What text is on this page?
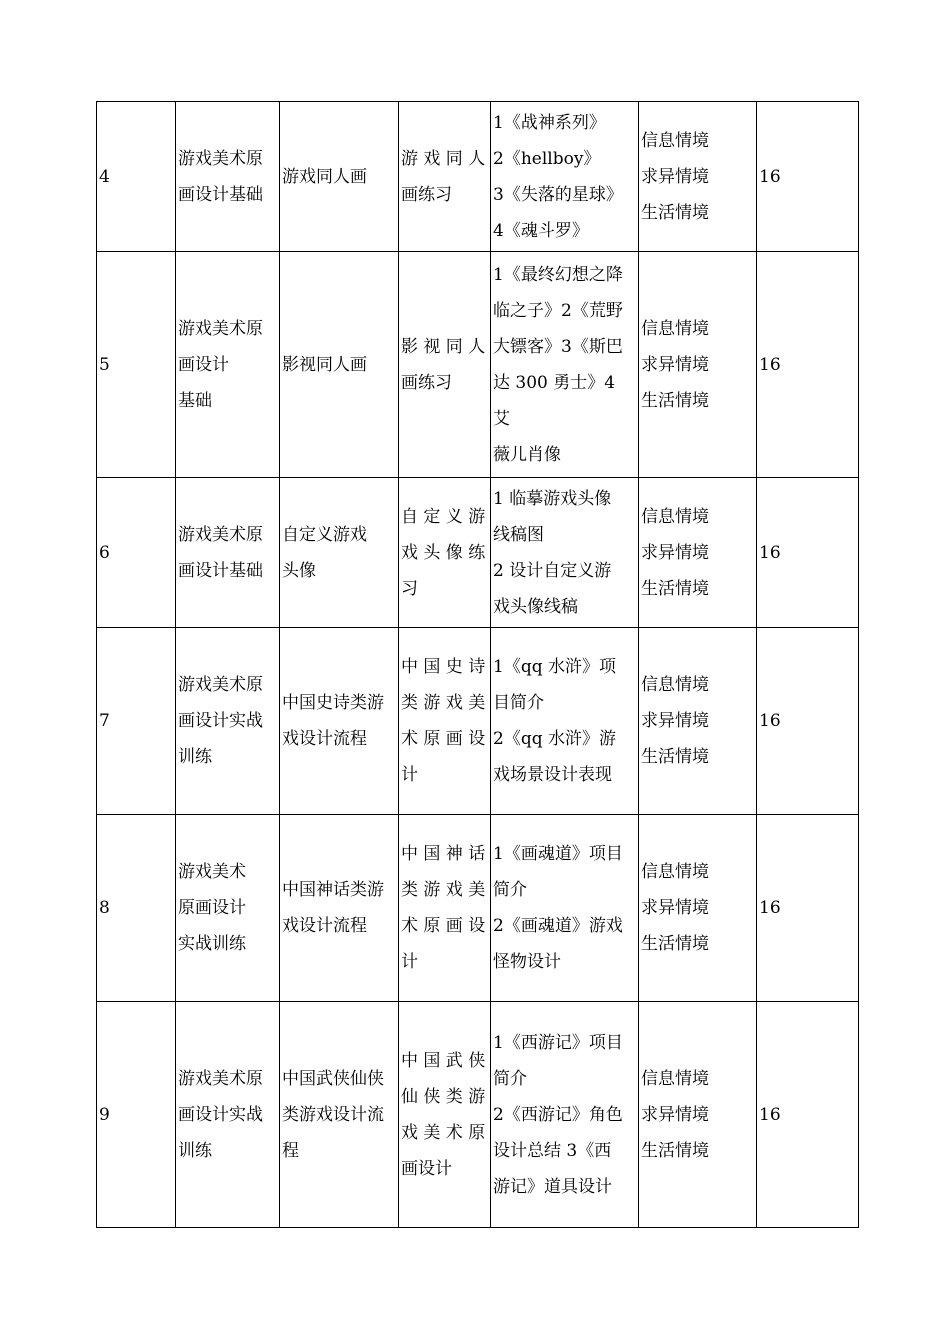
4	游戏美术原
画设计基础	游戏同人画	游 戏 同 人
画练习	1《战神系列》
2《hellboy》
3《失落的星球》
4《魂斗罗》	信息情境
求异情境
生活情境	16
5	游戏美术原
画设计
基础	影视同人画	影 视 同 人
画练习	1《最终幻想之降
临之子》2《荒野
大镖客》3《斯巴
达 300 勇士》4 艾
薇儿肖像	信息情境
求异情境
生活情境	16
6	游戏美术原
画设计基础	自定义游戏
头像	自 定 义 游
戏 头 像 练
习	1 临摹游戏头像
线稿图
2 设计自定义游
戏头像线稿	信息情境
求异情境
生活情境	16
7	游戏美术原
画设计实战
训练	中国史诗类游
戏设计流程	中 国 史 诗
类 游 戏 美
术 原 画 设
计	1《qq 水浒》项
目简介
2《qq 水浒》游
戏场景设计表现	信息情境
求异情境
生活情境	16
8	游戏美术
原画设计
实战训练	中国神话类游
戏设计流程	中 国 神 话
类 游 戏 美
术 原 画 设
计	1《画魂道》项目
简介
2《画魂道》游戏
怪物设计	信息情境
求异情境
生活情境	16
9	游戏美术原
画设计实战
训练	中国武侠仙侠
类游戏设计流
程	中 国 武 侠
仙 侠 类 游
戏 美 术 原
画设计	1《西游记》项目
简介
2《西游记》角色
设计总结 3《西
游记》道具设计	信息情境
求异情境
生活情境	16
